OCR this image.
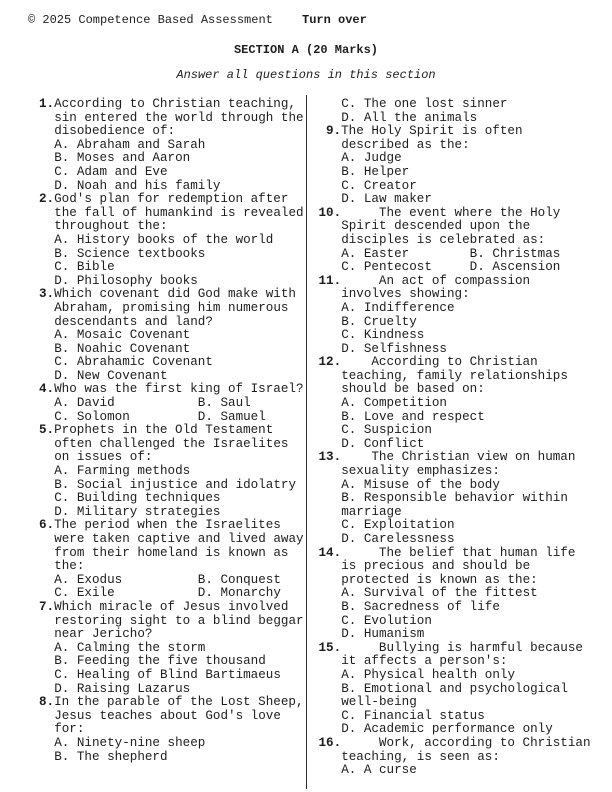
© 2025 Competence Based Assessment Turn over
SECTION A (20 Marks)
Answer all questions in this section
1.According to Christian teaching,
sin entered the world through the
disobedience of:
A. Abraham and Sarah
B. Moses and Aaron
C. Adam and Eve
D. Noah and his family
2.God's plan for redemption after
the fall of humankind is revealed
throughout the:
A. History books of the world
B. Science textbooks
C. Bible
D. Philosophy books
3.Which covenant did God make with
Abraham, promising him numerous
descendants and land?
A. Mosaic Covenant
B. Noahic Covenant
C. Abrahamic Covenant
D. New Covenant
4.Who was the first king of Israel?
A. David           B. Saul
C. Solomon         D. Samuel
5.Prophets in the Old Testament
often challenged the Israelites
on issues of:
A. Farming methods
B. Social injustice and idolatry
C. Building techniques
D. Military strategies
6.The period when the Israelites
were taken captive and lived away
from their homeland is known as
the:
A. Exodus          B. Conquest
C. Exile           D. Monarchy
7.Which miracle of Jesus involved
restoring sight to a blind beggar
near Jericho?
A. Calming the storm
B. Feeding the five thousand
C. Healing of Blind Bartimaeus
D. Raising Lazarus
8.In the parable of the Lost Sheep,
Jesus teaches about God's love
for:
A. Ninety-nine sheep
B. The shepherd
C. The one lost sinner
D. All the animals
9.The Holy Spirit is often
described as the:
A. Judge
B. Helper
C. Creator
D. Law maker
10.     The event where the Holy
Spirit descended upon the
disciples is celebrated as:
A. Easter        B. Christmas
C. Pentecost     D. Ascension
11.     An act of compassion
involves showing:
A. Indifference
B. Cruelty
C. Kindness
D. Selfishness
12.    According to Christian
teaching, family relationships
should be based on:
A. Competition
B. Love and respect
C. Suspicion
D. Conflict
13.    The Christian view on human
sexuality emphasizes:
A. Misuse of the body
B. Responsible behavior within
marriage
C. Exploitation
D. Carelessness
14.     The belief that human life
is precious and should be
protected is known as the:
A. Survival of the fittest
B. Sacredness of life
C. Evolution
D. Humanism
15.     Bullying is harmful because
it affects a person's:
A. Physical health only
B. Emotional and psychological
well-being
C. Financial status
D. Academic performance only
16.     Work, according to Christian
teaching, is seen as:
A. A curse
